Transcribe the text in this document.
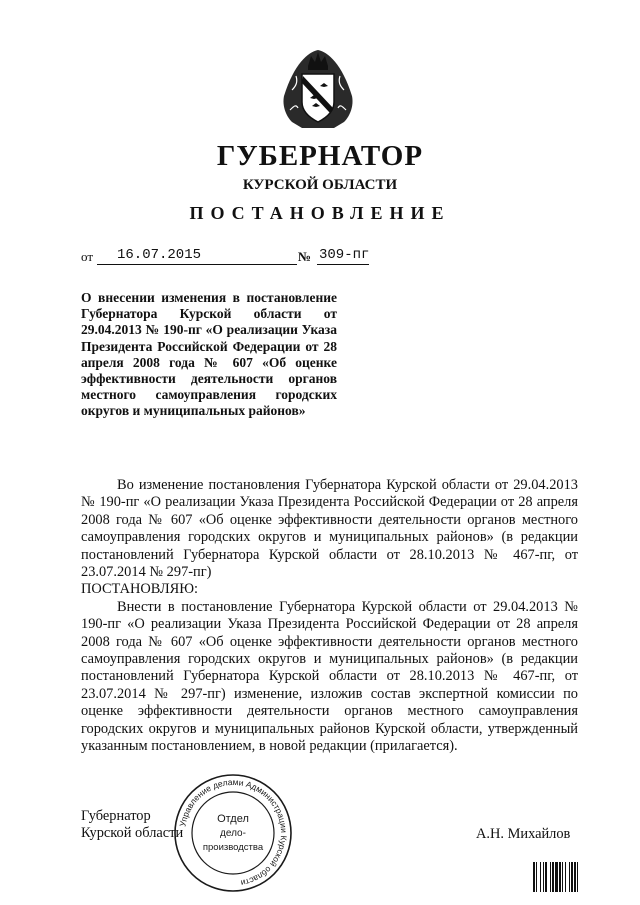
ГУБЕРНАТОР
КУРСКОЙ ОБЛАСТИ
ПОСТАНОВЛЕНИЕ
от 16.07.2015	№ 309-пг
О внесении изменения в постановление Губернатора Курской области от 29.04.2013 № 190-пг «О реализации Указа Президента Российской Федерации от 28 апреля 2008 года № 607 «Об оценке эффективности деятельности органов местного самоуправления городских округов и муниципальных районов»

Во изменение постановления Губернатора Курской области от 29.04.2013 № 190-пг «О реализации Указа Президента Российской Федерации от 28 апреля 2008 года № 607 «Об оценке эффективности деятельности органов местного самоуправления городских округов и муниципальных районов» (в редакции постановлений Губернатора Курской области от 28.10.2013 № 467-пг, от 23.07.2014 № 297-пг)

ПОСТАНОВЛЯЮ:

Внести в постановление Губернатора Курской области от 29.04.2013 № 190-пг «О реализации Указа Президента Российской Федерации от 28 апреля 2008 года № 607 «Об оценке эффективности деятельности органов местного самоуправления городских округов и муниципальных районов» (в редакции постановлений Губернатора Курской области от 28.10.2013 № 467-пг, от 23.07.2014 № 297-пг) изменение, изложив состав экспертной комиссии по оценке эффективности деятельности органов местного самоуправления городских округов и муниципальных районов Курской области, утвержденный указанным постановлением, в новой редакции (прилагается).

Губернатор
Курской области	А.Н. Михайлов
Управление делами Администрации Курской области
Отдел
дело-
производства
